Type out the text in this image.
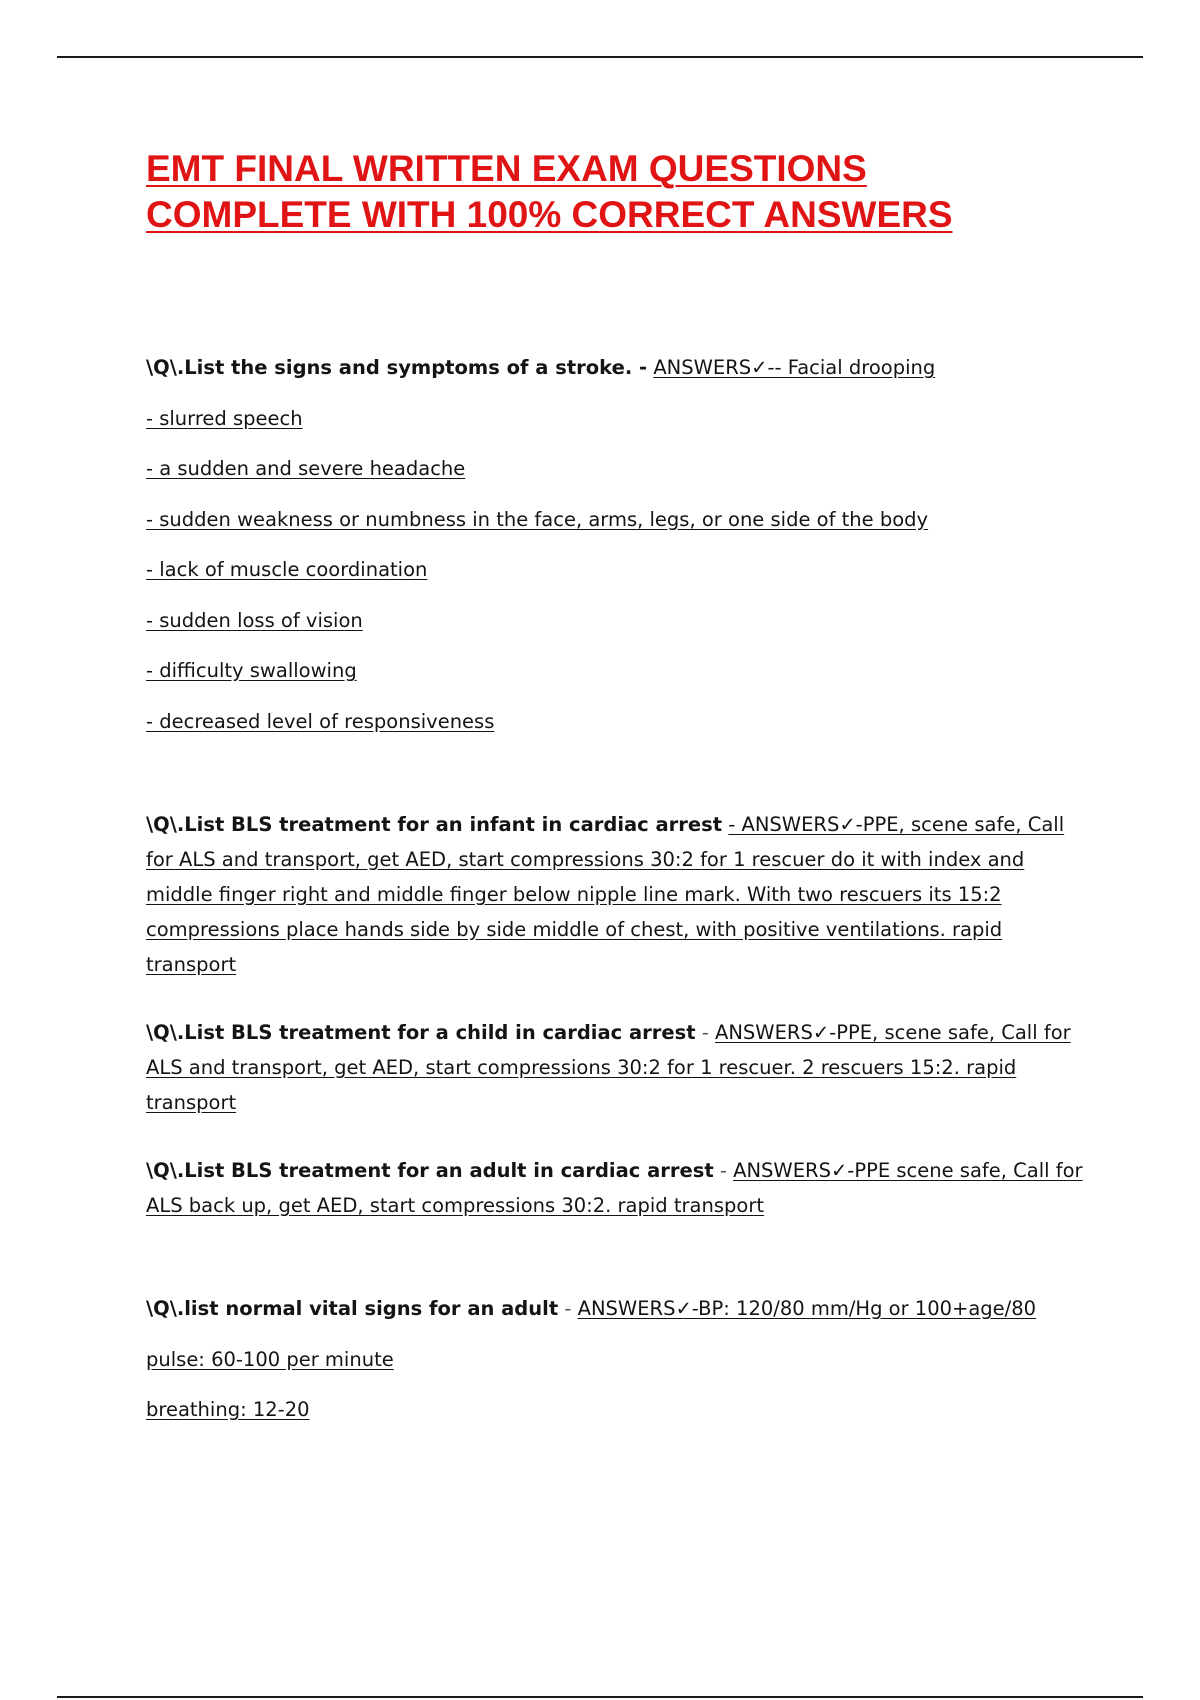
EMT FINAL WRITTEN EXAM QUESTIONS
COMPLETE WITH 100% CORRECT ANSWERS
\Q\.List the signs and symptoms of a stroke. - ANSWERS✓-- Facial drooping
- slurred speech
- a sudden and severe headache
- sudden weakness or numbness in the face, arms, legs, or one side of the body
- lack of muscle coordination
- sudden loss of vision
- difficulty swallowing
- decreased level of responsiveness

\Q\.List BLS treatment for an infant in cardiac arrest - ANSWERS✓-PPE, scene safe, Call for ALS and transport, get AED, start compressions 30:2 for 1 rescuer do it with index and middle finger right and middle finger below nipple line mark. With two rescuers its 15:2 compressions place hands side by side middle of chest, with positive ventilations. rapid transport

\Q\.List BLS treatment for a child in cardiac arrest - ANSWERS✓-PPE, scene safe, Call for ALS and transport, get AED, start compressions 30:2 for 1 rescuer. 2 rescuers 15:2. rapid transport

\Q\.List BLS treatment for an adult in cardiac arrest - ANSWERS✓-PPE scene safe, Call for ALS back up, get AED, start compressions 30:2. rapid transport

\Q\.list normal vital signs for an adult - ANSWERS✓-BP: 120/80 mm/Hg or 100+age/80
pulse: 60-100 per minute
breathing: 12-20
